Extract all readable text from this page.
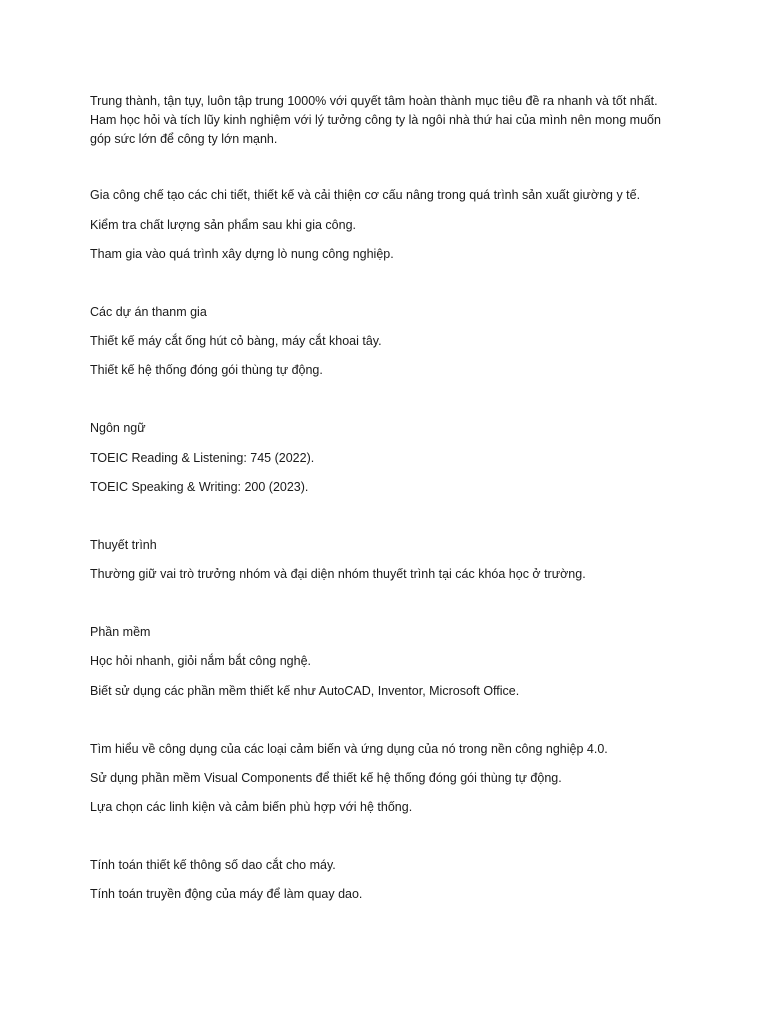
Trung thành, tận tụy, luôn tập trung 1000% với quyết tâm hoàn thành mục tiêu đề ra nhanh và tốt nhất.
Ham học hỏi và tích lũy kinh nghiệm với lý tưởng công ty là ngôi nhà thứ hai của mình nên mong muốn
góp sức lớn để công ty lớn mạnh.
Gia công chế tạo các chi tiết, thiết kế và cải thiện cơ cấu nâng trong quá trình sản xuất giường y tế.
Kiểm tra chất lượng sản phẩm sau khi gia công.
Tham gia vào quá trình xây dựng lò nung công nghiệp.
Các dự án thanm gia
Thiết kế máy cắt ống hút cỏ bàng, máy cắt khoai tây.
Thiết kế hệ thống đóng gói thùng tự động.
Ngôn ngữ
TOEIC Reading & Listening: 745 (2022).
TOEIC Speaking & Writing: 200 (2023).
Thuyết trình
Thường giữ vai trò trưởng nhóm và đại diện nhóm thuyết trình tại các khóa học ở trường.
Phần mềm
Học hỏi nhanh, giỏi nắm bắt công nghệ.
Biết sử dụng các phần mềm thiết kế như AutoCAD, Inventor, Microsoft Office.
Tìm hiểu về công dụng của các loại cảm biến và ứng dụng của nó trong nền công nghiệp 4.0.
Sử dụng phần mềm Visual Components để thiết kế hệ thống đóng gói thùng tự động.
Lựa chọn các linh kiện và cảm biến phù hợp với hệ thống.
Tính toán thiết kế thông số dao cắt cho máy.
Tính toán truyền động của máy để làm quay dao.
